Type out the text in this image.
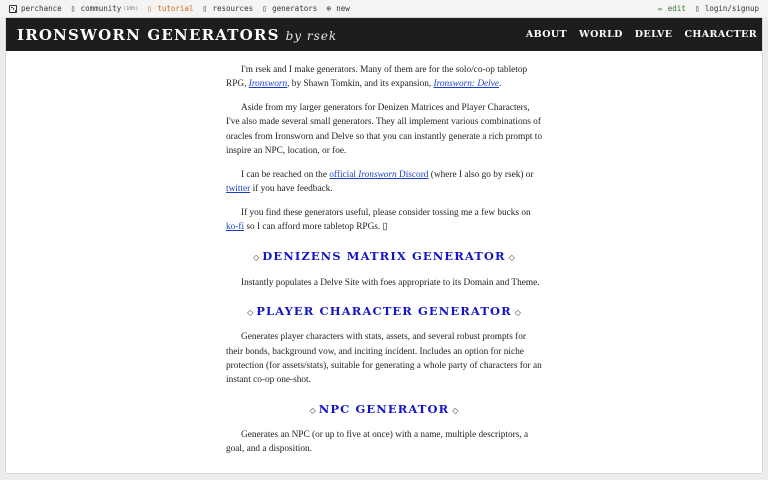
perchance ▯ community (10h) ▯ tutorial ▯ resources ▯ generators ⊕ new	✏ edit ▯ login/signup
IRONSWORN GENERATORS by rsek	ABOUT WORLD DELVE CHARACTER

I'm rsek and I make generators. Many of them are for the solo/co-op tabletop RPG, Ironsworn, by Shawn Tomkin, and its expansion, Ironsworn: Delve.

Aside from my larger generators for Denizen Matrices and Player Characters, I've also made several small generators. They all implement various combinations of oracles from Ironsworn and Delve so that you can instantly generate a rich prompt to inspire an NPC, location, or foe.

I can be reached on the official Ironsworn Discord (where I also go by rsek) or twitter if you have feedback.

If you find these generators useful, please consider tossing me a few bucks on ko-fi so I can afford more tabletop RPGs. ▯

◇ DENIZENS MATRIX GENERATOR ◇

Instantly populates a Delve Site with foes appropriate to its Domain and Theme.

◇ PLAYER CHARACTER GENERATOR ◇

Generates player characters with stats, assets, and several robust prompts for their bonds, background vow, and inciting incident. Includes an option for niche protection (for assets/stats), suitable for generating a whole party of characters for an instant co-op one-shot.

◇ NPC GENERATOR ◇

Generates an NPC (or up to five at once) with a name, multiple descriptors, a goal, and a disposition.
